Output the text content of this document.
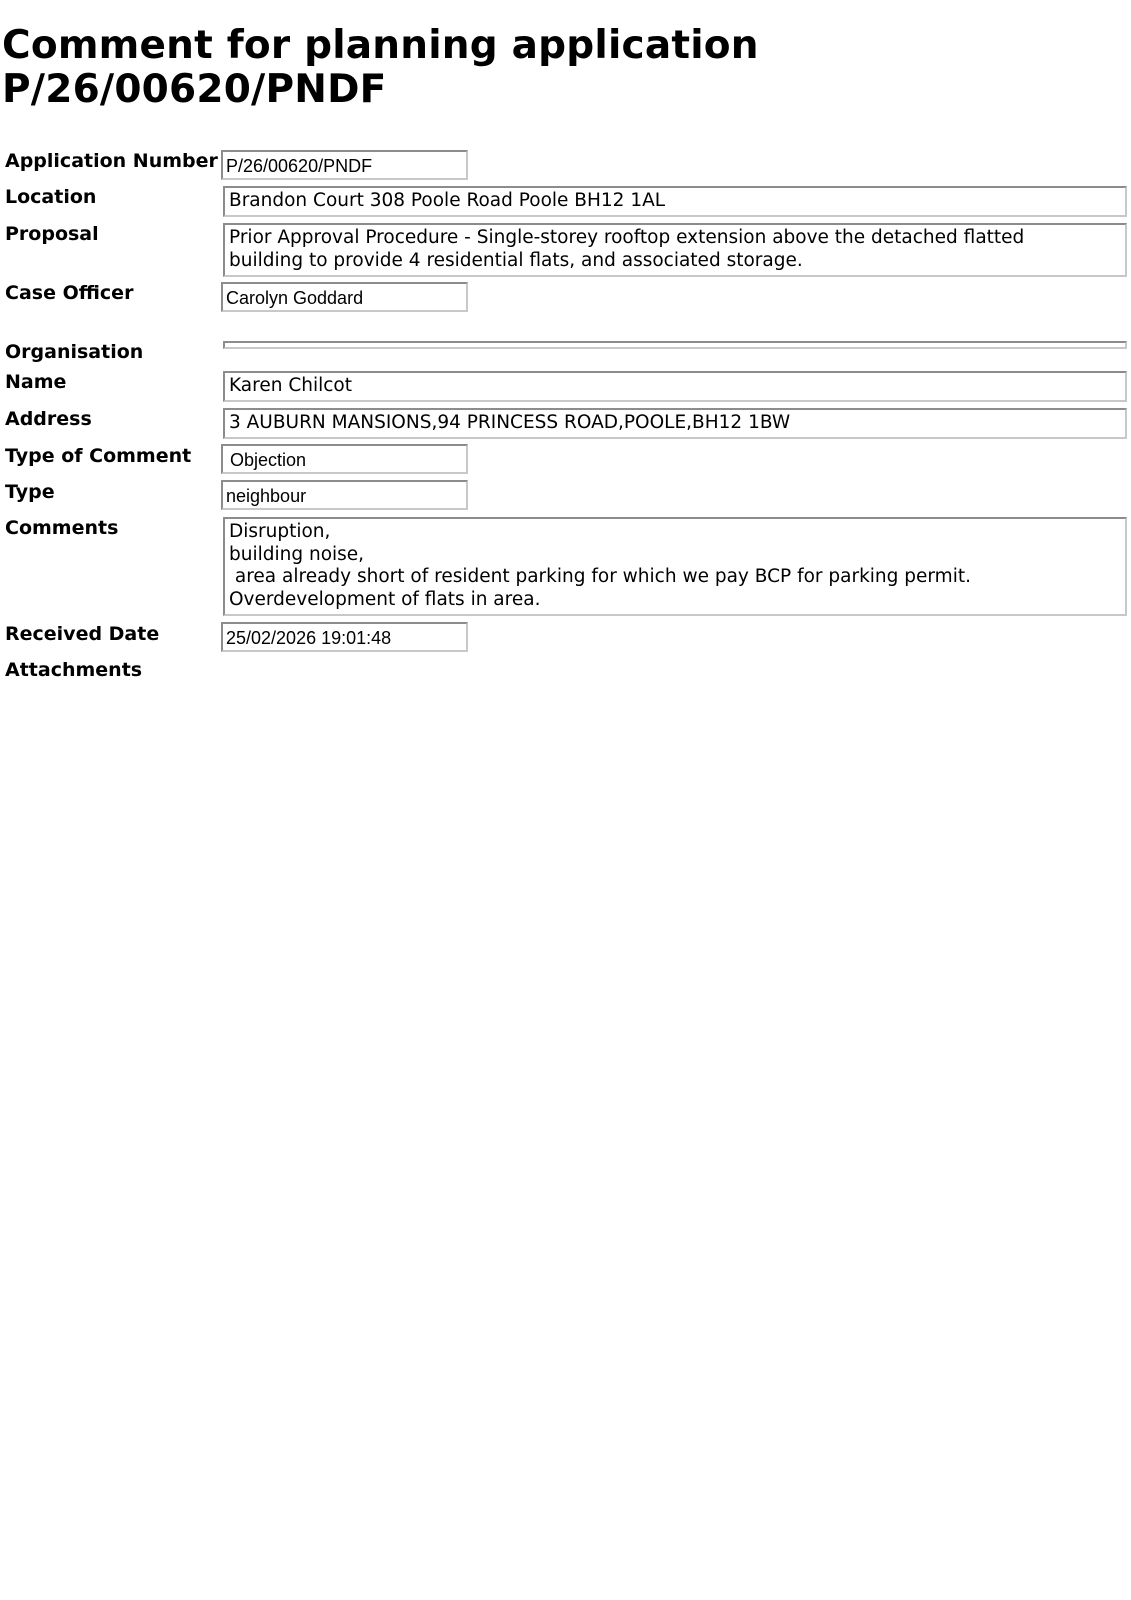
Comment for planning application
P/26/00620/PNDF
Application Number P/26/00620/PNDF
Location	Brandon Court 308 Poole Road Poole BH12 1AL
Proposal	Prior Approval Procedure - Single-storey rooftop extension above the detached flatted building to provide 4 residential flats, and associated storage.
Case Officer	Carolyn Goddard
Organisation
Name	Karen Chilcot
Address	3 AUBURN MANSIONS,94 PRINCESS ROAD,POOLE,BH12 1BW
Type of Comment	Objection
Type	neighbour
Comments	Disruption,
building noise,
area already short of resident parking for which we pay BCP for parking permit.
Overdevelopment of flats in area.
Received Date	25/02/2026 19:01:48
Attachments
